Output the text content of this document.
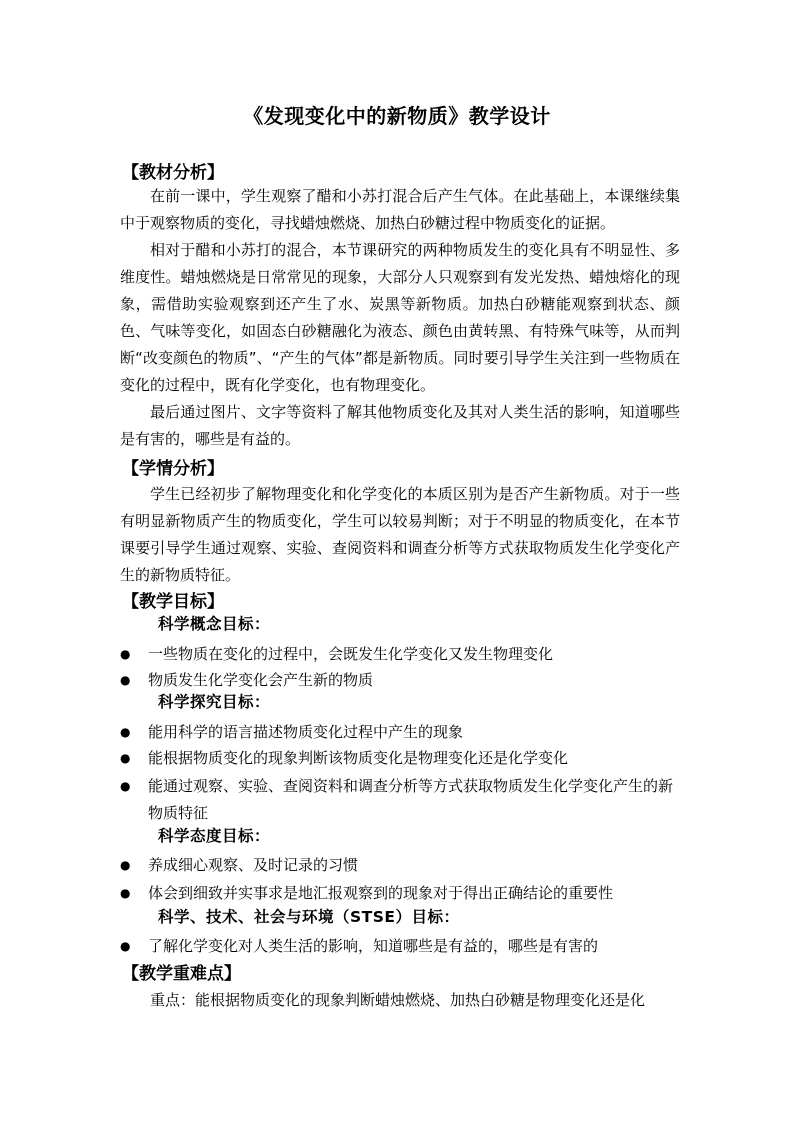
《发现变化中的新物质》教学设计
【教材分析】

在前一课中，学生观察了醋和小苏打混合后产生气体。在此基础上，本课继续集中于观察物质的变化，寻找蜡烛燃烧、加热白砂糖过程中物质变化的证据。

相对于醋和小苏打的混合，本节课研究的两种物质发生的变化具有不明显性、多维度性。蜡烛燃烧是日常常见的现象，大部分人只观察到有发光发热、蜡烛熔化的现象，需借助实验观察到还产生了水、炭黑等新物质。加热白砂糖能观察到状态、颜色、气味等变化，如固态白砂糖融化为液态、颜色由黄转黑、有特殊气味等，从而判断“改变颜色的物质”、“产生的气体”都是新物质。同时要引导学生关注到一些物质在变化的过程中，既有化学变化，也有物理变化。

最后通过图片、文字等资料了解其他物质变化及其对人类生活的影响，知道哪些是有害的，哪些是有益的。

【学情分析】

学生已经初步了解物理变化和化学变化的本质区别为是否产生新物质。对于一些有明显新物质产生的物质变化，学生可以较易判断；对于不明显的物质变化，在本节课要引导学生通过观察、实验、查阅资料和调查分析等方式获取物质发生化学变化产生的新物质特征。

【教学目标】
科学概念目标：
●	一些物质在变化的过程中，会既发生化学变化又发生物理变化
●	物质发生化学变化会产生新的物质
科学探究目标：
●	能用科学的语言描述物质变化过程中产生的现象
●	能根据物质变化的现象判断该物质变化是物理变化还是化学变化
●	能通过观察、实验、查阅资料和调查分析等方式获取物质发生化学变化产生的新物质特征
科学态度目标：
●	养成细心观察、及时记录的习惯
●	体会到细致并实事求是地汇报观察到的现象对于得出正确结论的重要性
科学、技术、社会与环境（STSE）目标：
●	了解化学变化对人类生活的影响，知道哪些是有益的，哪些是有害的
【教学重难点】

重点：能根据物质变化的现象判断蜡烛燃烧、加热白砂糖是物理变化还是化
